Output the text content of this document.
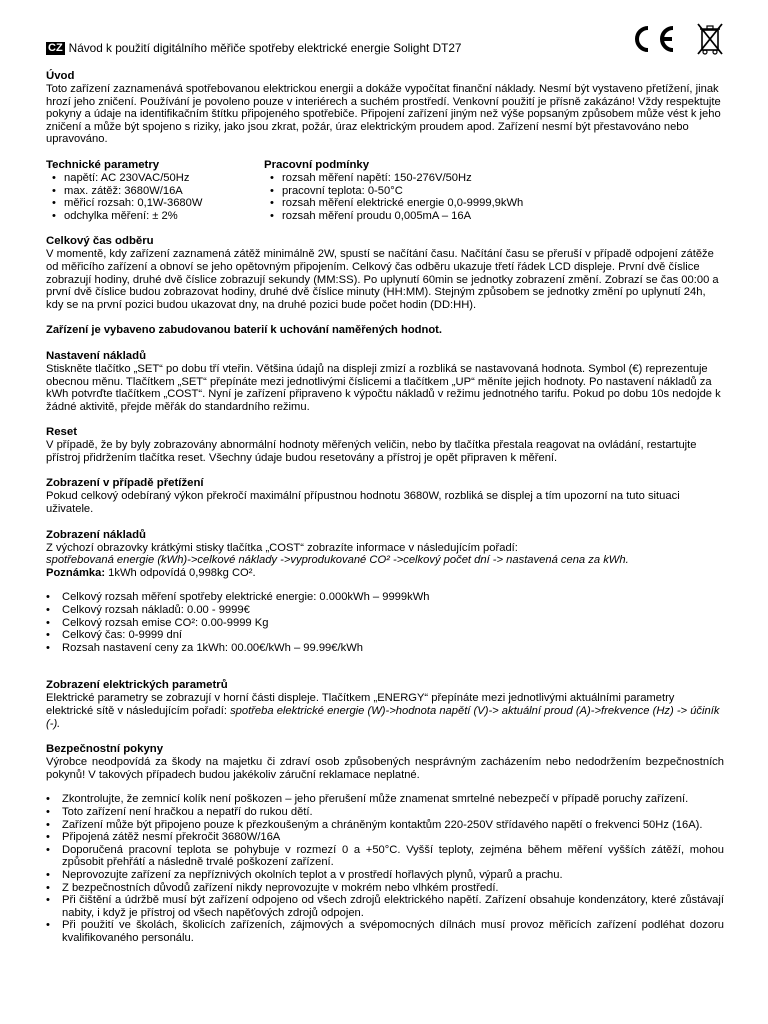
CZ Návod k použití digitálního měřiče spotřeby elektrické energie Solight DT27
Úvod

Toto zařízení zaznamenává spotřebovanou elektrickou energii a dokáže vypočítat finanční náklady. Nesmí být vystaveno přetížení, jinak hrozí jeho zničení. Používání je povoleno pouze v interiérech a suchém prostředí. Venkovní použití je přísně zakázáno! Vždy respektujte pokyny a údaje na identifikačním štítku připojeného spotřebiče. Připojení zařízení jiným než výše popsaným způsobem může vést k jeho zničení a může být spojeno s riziky, jako jsou zkrat, požár, úraz elektrickým proudem apod. Zařízení nesmí být přestavováno nebo upravováno.

Technické parametry
• napětí: AC 230VAC/50Hz
• max. zátěž: 3680W/16A
• měřicí rozsah: 0,1W-3680W
• odchylka měření: ± 2%
Pracovní podmínky
• rozsah měření napětí: 150-276V/50Hz
• pracovní teplota: 0-50°C
• rozsah měření elektrické energie 0,0-9999,9kWh
• rozsah měření proudu 0,005mA – 16A
Celkový čas odběru

V momentě, kdy zařízení zaznamená zátěž minimálně 2W, spustí se načítání času. Načítání času se přeruší v případě odpojení zátěže od měřicího zařízení a obnoví se jeho opětovným připojením. Celkový čas odběru ukazuje třetí řádek LCD displeje. První dvě číslice zobrazují hodiny, druhé dvě číslice zobrazují sekundy (MM:SS). Po uplynutí 60min se jednotky zobrazení změní. Zobrazí se čas 00:00 a první dvě číslice budou zobrazovat hodiny, druhé dvě číslice minuty (HH:MM). Stejným způsobem se jednotky změní po uplynutí 24h, kdy se na první pozici budou ukazovat dny, na druhé pozici bude počet hodin (DD:HH).

Zařízení je vybaveno zabudovanou baterií k uchování naměřených hodnot.

Nastavení nákladů

Stiskněte tlačítko „SET“ po dobu tří vteřin. Většina údajů na displeji zmizí a rozbliká se nastavovaná hodnota. Symbol (€) reprezentuje obecnou měnu. Tlačítkem „SET“ přepínáte mezi jednotlivými číslicemi a tlačítkem „UP“ měníte jejich hodnoty. Po nastavení nákladů za kWh potvrďte tlačítkem „COST“. Nyní je zařízení připraveno k výpočtu nákladů v režimu jednotného tarifu. Pokud po dobu 10s nedojde k žádné aktivitě, přejde měřák do standardního režimu.

Reset

V případě, že by byly zobrazovány abnormální hodnoty měřených veličin, nebo by tlačítka přestala reagovat na ovládání, restartujte přístroj přidržením tlačítka reset. Všechny údaje budou resetovány a přístroj je opět připraven k měření.

Zobrazení v případě přetížení

Pokud celkový odebíraný výkon překročí maximální přípustnou hodnotu 3680W, rozbliká se displej a tím upozorní na tuto situaci uživatele.

Zobrazení nákladů

Z výchozí obrazovky krátkými stisky tlačítka „COST“ zobrazíte informace v následujícím pořadí:

spotřebovaná energie (kWh)->celkové náklady ->vyprodukované CO² ->celkový počet dní -> nastavená cena za kWh.

Poznámka: 1kWh odpovídá 0,998kg CO².

• Celkový rozsah měření spotřeby elektrické energie: 0.000kWh – 9999kWh
• Celkový rozsah nákladů: 0.00 - 9999€
• Celkový rozsah emise CO²: 0.00-9999 Kg
• Celkový čas: 0-9999 dní
• Rozsah nastavení ceny za 1kWh: 00.00€/kWh – 99.99€/kWh
Zobrazení elektrických parametrů

Elektrické parametry se zobrazují v horní části displeje. Tlačítkem „ENERGY“ přepínáte mezi jednotlivými aktuálními parametry elektrické sítě v následujícím pořadí: spotřeba elektrické energie (W)->hodnota napětí (V)-> aktuální proud (A)->frekvence (Hz) -> účiník (-).

Bezpečnostní pokyny

Výrobce neodpovídá za škody na majetku či zdraví osob způsobených nesprávným zacházením nebo nedodržením bezpečnostních pokynů! V takových případech budou jakékoliv záruční reklamace neplatné.

• Zkontrolujte, že zemnicí kolík není poškozen – jeho přerušení může znamenat smrtelné nebezpečí v případě poruchy zařízení.
• Toto zařízení není hračkou a nepatří do rukou dětí.
• Zařízení může být připojeno pouze k přezkoušeným a chráněným kontaktům 220-250V střídavého napětí o frekvenci 50Hz (16A).
• Připojená zátěž nesmí překročit 3680W/16A
• Doporučená pracovní teplota se pohybuje v rozmezí 0 a +50°C. Vyšší teploty, zejména během měření vyšších zátěží, mohou způsobit přehřátí a následně trvalé poškození zařízení.
• Neprovozujte zařízení za nepříznivých okolních teplot a v prostředí hořlavých plynů, výparů a prachu.
• Z bezpečnostních důvodů zařízení nikdy neprovozujte v mokrém nebo vlhkém prostředí.
• Při čištění a údržbě musí být zařízení odpojeno od všech zdrojů elektrického napětí. Zařízení obsahuje kondenzátory, které zůstávají nabity, i když je přístroj od všech napěťových zdrojů odpojen.
• Při použití ve školách, školicích zařízeních, zájmových a svépomocných dílnách musí provoz měřicích zařízení podléhat dozoru kvalifikovaného personálu.
